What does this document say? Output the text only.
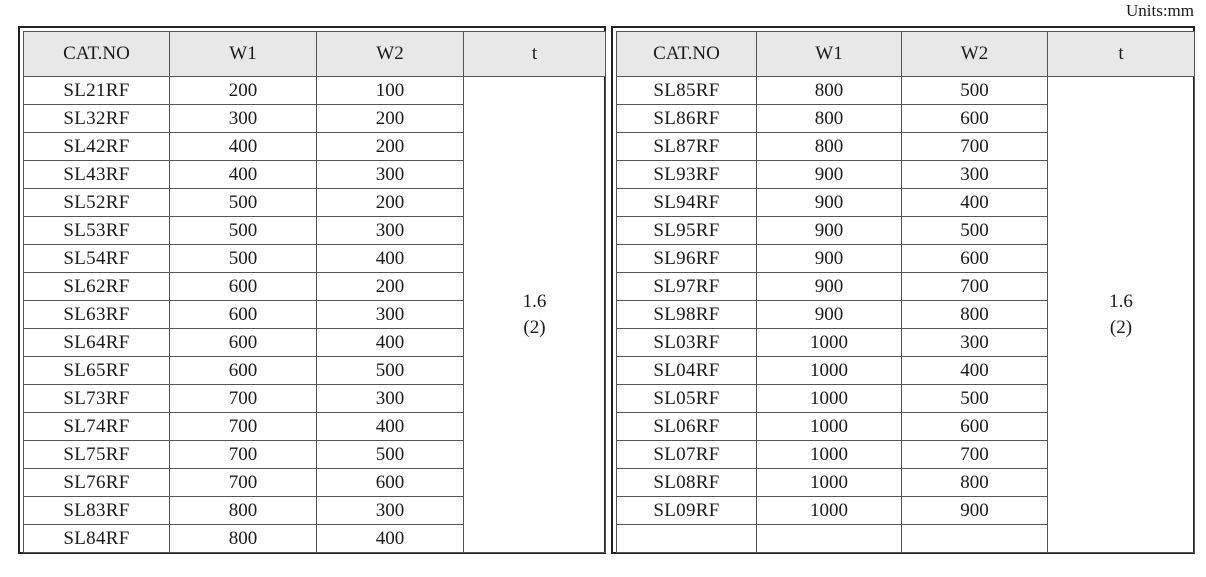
Units:mm
CAT.NO	W1	W2	t
SL21RF	200	100	1.6
(2)

SL32RF	300	200	
SL42RF	400	200	
SL43RF	400	300	
SL52RF	500	200	
SL53RF	500	300	
SL54RF	500	400	
SL62RF	600	200	
SL63RF	600	300	
SL64RF	600	400	
SL65RF	600	500	
SL73RF	700	300	
SL74RF	700	400	
SL75RF	700	500	
SL76RF	700	600	
SL83RF	800	300	
SL84RF	800	400	
CAT.NO	W1	W2	t
SL85RF	800	500	1.6
(2)

SL86RF	800	600	
SL87RF	800	700	
SL93RF	900	300	
SL94RF	900	400	
SL95RF	900	500	
SL96RF	900	600	
SL97RF	900	700	
SL98RF	900	800	
SL03RF	1000	300	
SL04RF	1000	400	
SL05RF	1000	500	
SL06RF	1000	600	
SL07RF	1000	700	
SL08RF	1000	800	
SL09RF	1000	900	
